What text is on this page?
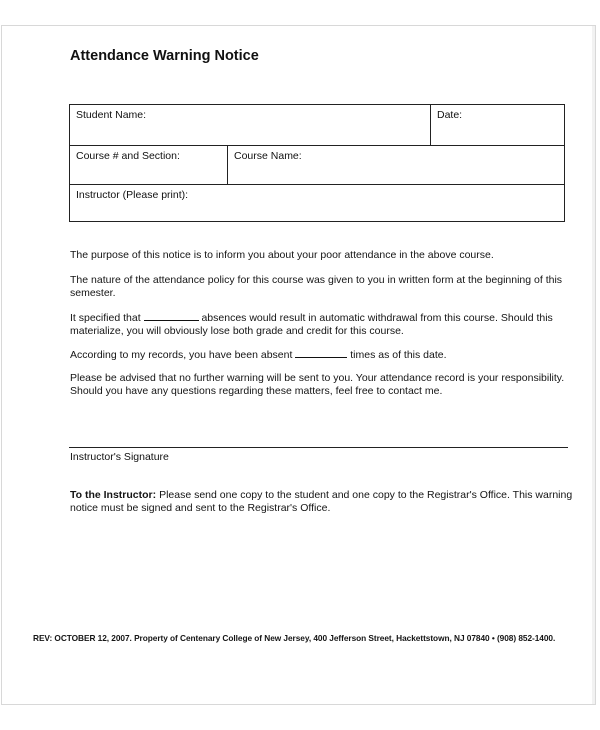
Attendance Warning Notice
Student Name:	Date:
Course # and Section:	Course Name:
Instructor (Please print):
The purpose of this notice is to inform you about your poor attendance in the above course.
The nature of the attendance policy for this course was given to you in written form at the beginning of this semester.
It specified that	absences would result in automatic withdrawal from this course. Should this materialize, you will obviously lose both grade and credit for this course.
According to my records, you have been absent	times as of this date.
Please be advised that no further warning will be sent to you. Your attendance record is your responsibility. Should you have any questions regarding these matters, feel free to contact me.
Instructor's Signature
To the Instructor: Please send one copy to the student and one copy to the Registrar's Office. This warning notice must be signed and sent to the Registrar's Office.
REV: OCTOBER 12, 2007. Property of Centenary College of New Jersey, 400 Jefferson Street, Hackettstown, NJ 07840 • (908) 852-1400.
